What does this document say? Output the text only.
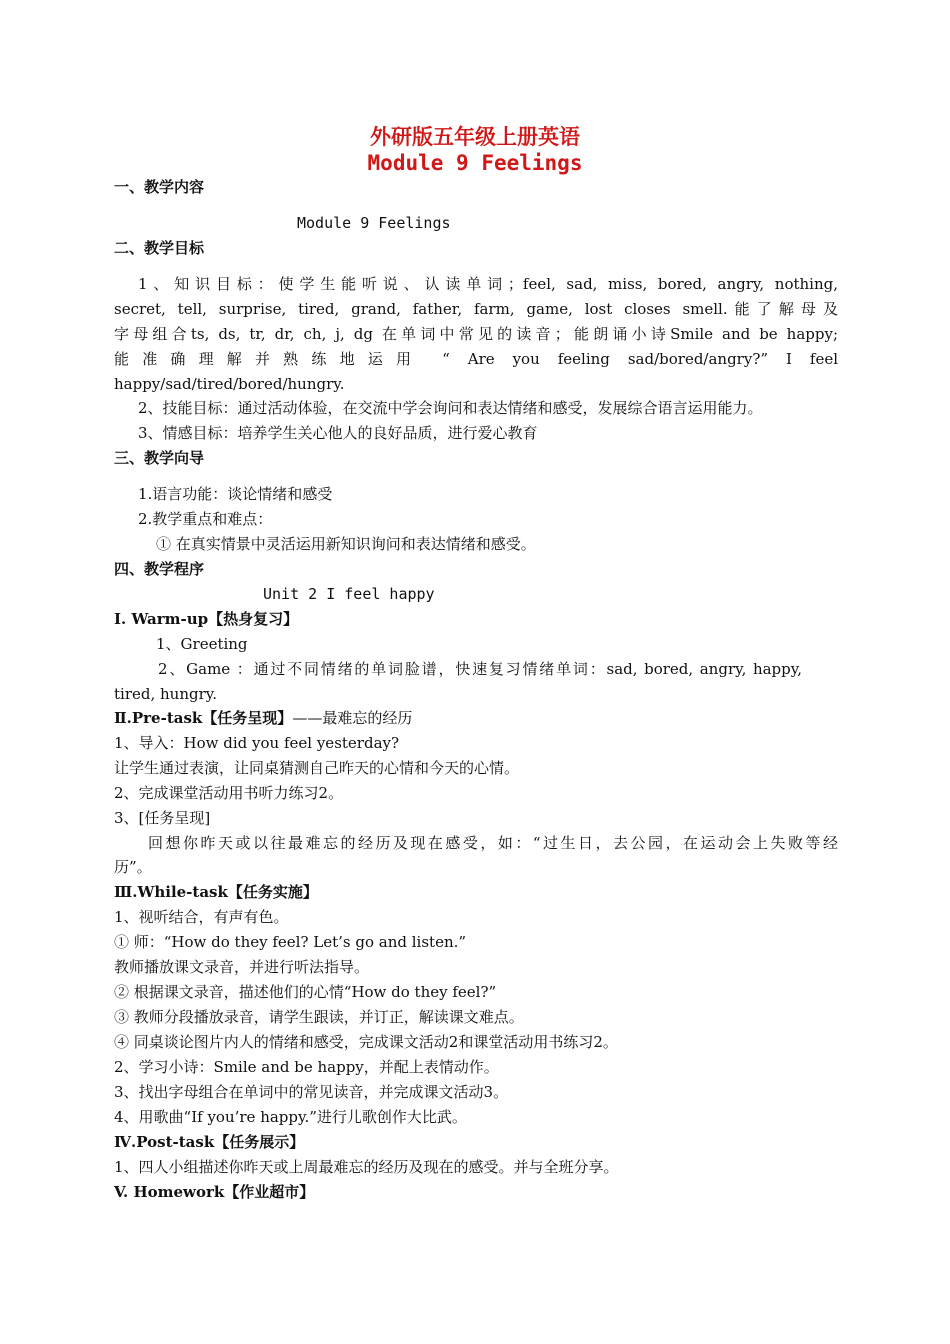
外研版五年级上册英语
Module 9 Feelings
一、教学内容
Module 9 Feelings
二、教学目标
1、知识目标：使学生能听说、认读单词；feel, sad, miss, bored, angry, nothing,
secret, tell, surprise, tired, grand, father, farm, game, lost closes smell.能了解母及
字母组合ts, ds, tr, dr, ch, j, dg 在单词中常见的读音；能朗诵小诗Smile and be happy;
能准确理解并熟练地运用 “ Are you feeling sad/bored/angry?” I feel
happy/sad/tired/bored/hungry.
2、技能目标：通过活动体验，在交流中学会询问和表达情绪和感受，发展综合语言运用能力。
3、情感目标：培养学生关心他人的良好品质，进行爱心教育
三、教学向导
1.语言功能：谈论情绪和感受
2.教学重点和难点：
① 在真实情景中灵活运用新知识询问和表达情绪和感受。
四、教学程序
Unit 2 I feel happy
Ⅰ. Warm-up【热身复习】
1、Greeting
2、Game ：通过不同情绪的单词脸谱，快速复习情绪单词：sad, bored, angry, happy,
tired, hungry.
Ⅱ.Pre-task【任务呈现】——最难忘的经历
1、导入：How did you feel yesterday?
让学生通过表演，让同桌猜测自己昨天的心情和今天的心情。
2、完成课堂活动用书听力练习2。
3、[任务呈现]
回想你昨天或以往最难忘的经历及现在感受，如：“过生日，去公园，在运动会上失败等经
历”。
Ⅲ.While-task【任务实施】
1、视听结合，有声有色。
① 师：“How do they feel? Let’s go and listen.”
教师播放课文录音，并进行听法指导。
② 根据课文录音，描述他们的心情“How do they feel?”
③ 教师分段播放录音，请学生跟读，并订正，解读课文难点。
④ 同桌谈论图片内人的情绪和感受，完成课文活动2和课堂活动用书练习2。
2、学习小诗：Smile and be happy，并配上表情动作。
3、找出字母组合在单词中的常见读音，并完成课文活动3。
4、用歌曲“If you’re happy.”进行儿歌创作大比武。
Ⅳ.Post-task【任务展示】
1、四人小组描述你昨天或上周最难忘的经历及现在的感受。并与全班分享。
V. Homework【作业超市】
